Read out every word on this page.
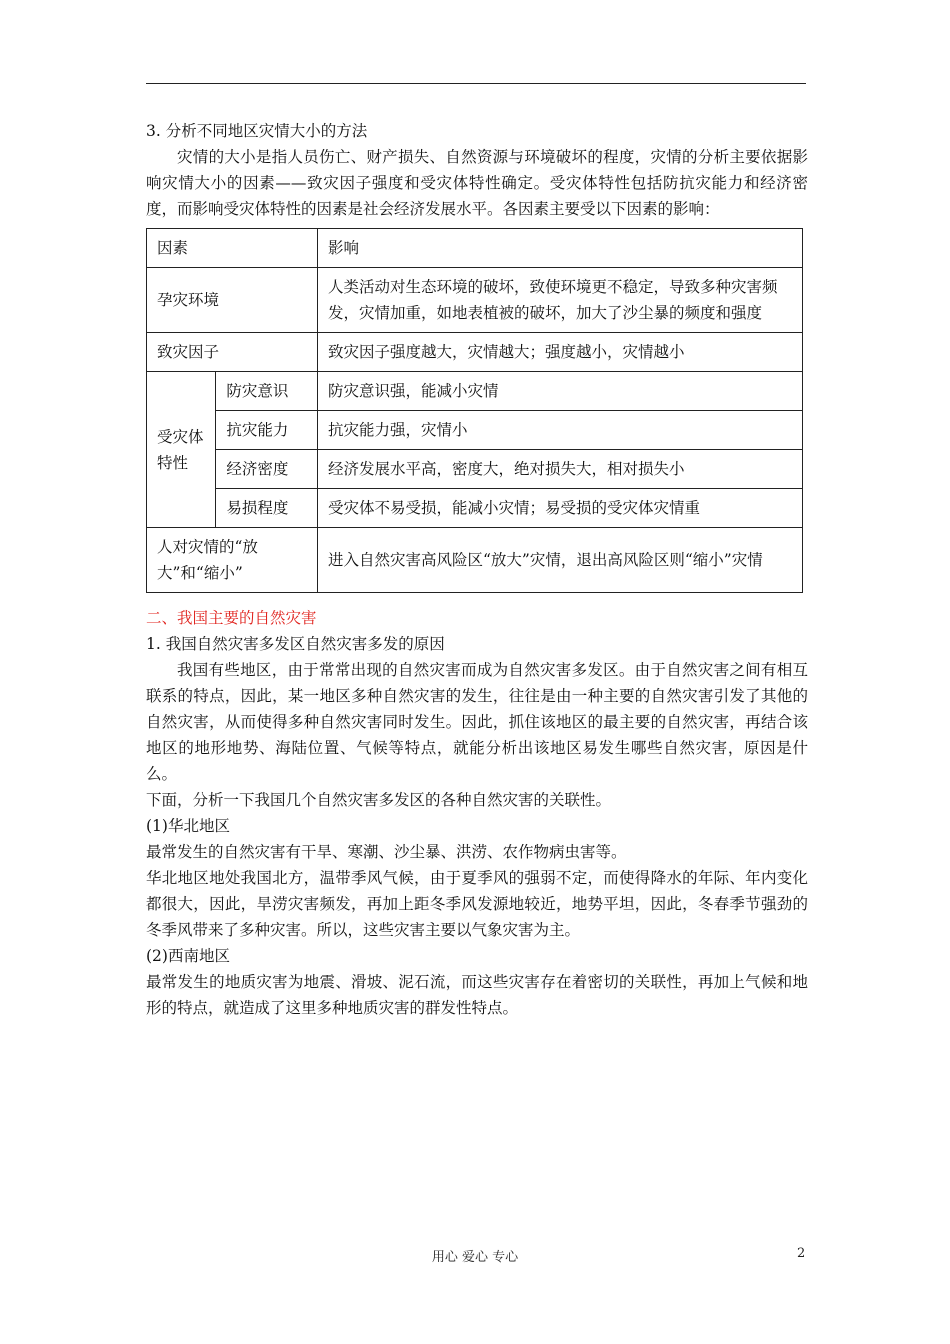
3. 分析不同地区灾情大小的方法

灾情的大小是指人员伤亡、财产损失、自然资源与环境破坏的程度，灾情的分析主要依据影响灾情大小的因素——致灾因子强度和受灾体特性确定。受灾体特性包括防抗灾能力和经济密度，而影响受灾体特性的因素是社会经济发展水平。各因素主要受以下因素的影响：

因素		影响
孕灾环境		人类活动对生态环境的破坏，致使环境更不稳定，导致多种灾害频发，灾情加重，如地表植被的破坏，加大了沙尘暴的频度和强度
致灾因子		致灾因子强度越大，灾情越大；强度越小，灾情越小
受灾体特性	防灾意识	防灾意识强，能减小灾情
	抗灾能力	抗灾能力强，灾情小
	经济密度	经济发展水平高，密度大，绝对损失大，相对损失小
	易损程度	受灾体不易受损，能减小灾情；易受损的受灾体灾情重
人对灾情的“放大”和“缩小”		进入自然灾害高风险区“放大”灾情，退出高风险区则“缩小”灾情

二、我国主要的自然灾害

1. 我国自然灾害多发区自然灾害多发的原因

我国有些地区，由于常常出现的自然灾害而成为自然灾害多发区。由于自然灾害之间有相互联系的特点，因此，某一地区多种自然灾害的发生，往往是由一种主要的自然灾害引发了其他的自然灾害，从而使得多种自然灾害同时发生。因此，抓住该地区的最主要的自然灾害，再结合该地区的地形地势、海陆位置、气候等特点，就能分析出该地区易发生哪些自然灾害，原因是什么。

下面，分析一下我国几个自然灾害多发区的各种自然灾害的关联性。

(1)华北地区

最常发生的自然灾害有干旱、寒潮、沙尘暴、洪涝、农作物病虫害等。

华北地区地处我国北方，温带季风气候，由于夏季风的强弱不定，而使得降水的年际、年内变化都很大，因此，旱涝灾害频发，再加上距冬季风发源地较近，地势平坦，因此，冬春季节强劲的冬季风带来了多种灾害。所以，这些灾害主要以气象灾害为主。

(2)西南地区

最常发生的地质灾害为地震、滑坡、泥石流，而这些灾害存在着密切的关联性，再加上气候和地形的特点，就造成了这里多种地质灾害的群发性特点。

用心 爱心 专心	2
